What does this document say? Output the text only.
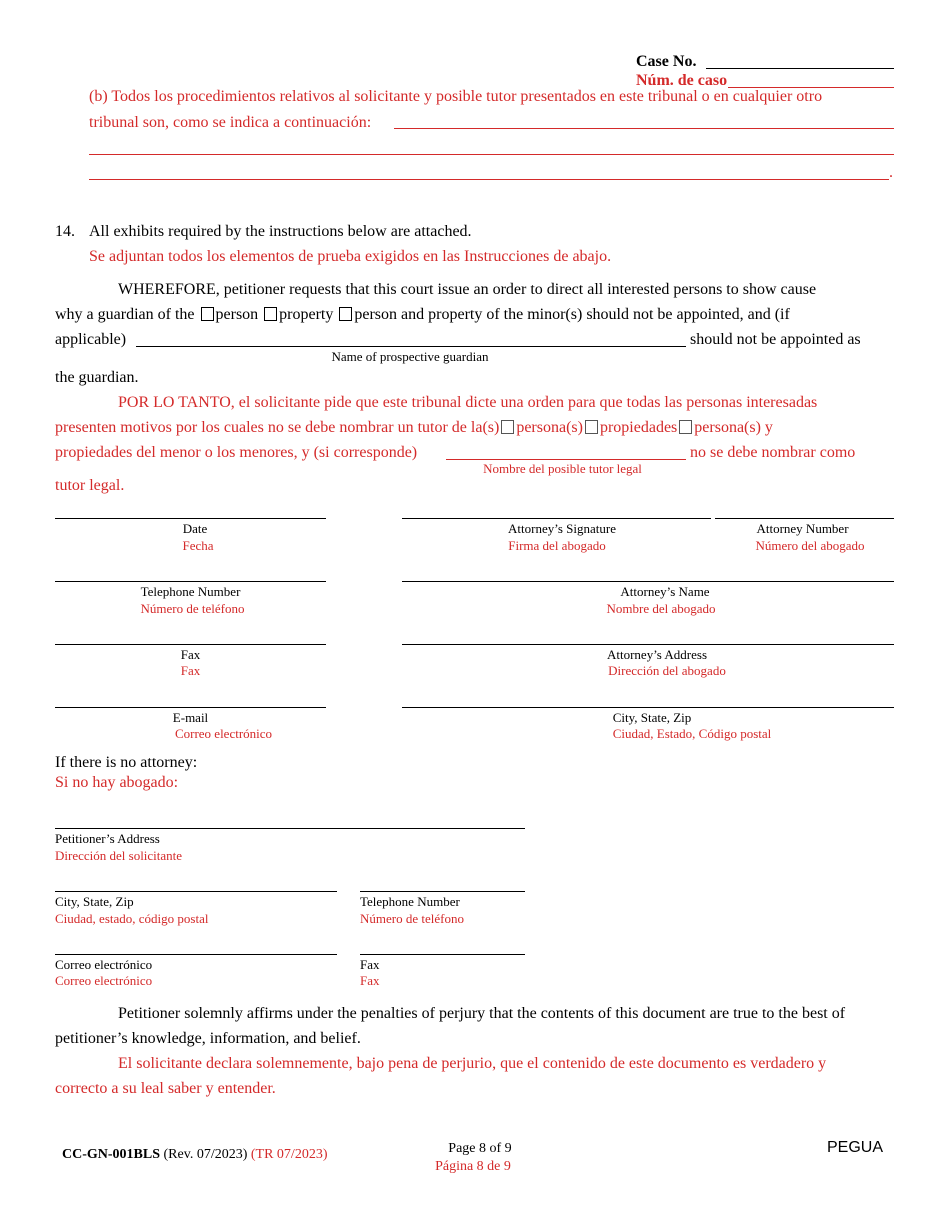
Case No.
Núm. de caso
(b) Todos los procedimientos relativos al solicitante y posible tutor presentados en este tribunal o en cualquier otro
tribunal son, como se indica a continuación:
.
14. All exhibits required by the instructions below are attached.
Se adjuntan todos los elementos de prueba exigidos en las Instrucciones de abajo.
WHEREFORE, petitioner requests that this court issue an order to direct all interested persons to show cause
why a guardian of the person property person and property of the minor(s) should not be appointed, and (if
applicable)	should not be appointed as
Name of prospective guardian
the guardian.
POR LO TANTO, el solicitante pide que este tribunal dicte una orden para que todas las personas interesadas
presenten motivos por los cuales no se debe nombrar un tutor de la(s) persona(s) propiedades persona(s) y
propiedades del menor o los menores, y (si corresponde)	no se debe nombrar como
Nombre del posible tutor legal
tutor legal.
Date
Fecha
Attorney’s Signature
Firma del abogado
Attorney Number
Número del abogado
Telephone Number
Número de teléfono
Attorney’s Name
Nombre del abogado
Fax
Fax
Attorney’s Address
Dirección del abogado
E-mail
Correo electrónico
City, State, Zip
Ciudad, Estado, Código postal
If there is no attorney:
Si no hay abogado:
Petitioner’s Address
Dirección del solicitante
City, State, Zip
Ciudad, estado, código postal
Telephone Number
Número de teléfono
Correo electrónico
Correo electrónico
Fax
Fax
Petitioner solemnly affirms under the penalties of perjury that the contents of this document are true to the best of
petitioner’s knowledge, information, and belief.
El solicitante declara solemnemente, bajo pena de perjurio, que el contenido de este documento es verdadero y
correcto a su leal saber y entender.
CC-GN-001BLS (Rev. 07/2023) (TR 07/2023)	Page 8 of 9
Página 8 de 9
PEGUA
